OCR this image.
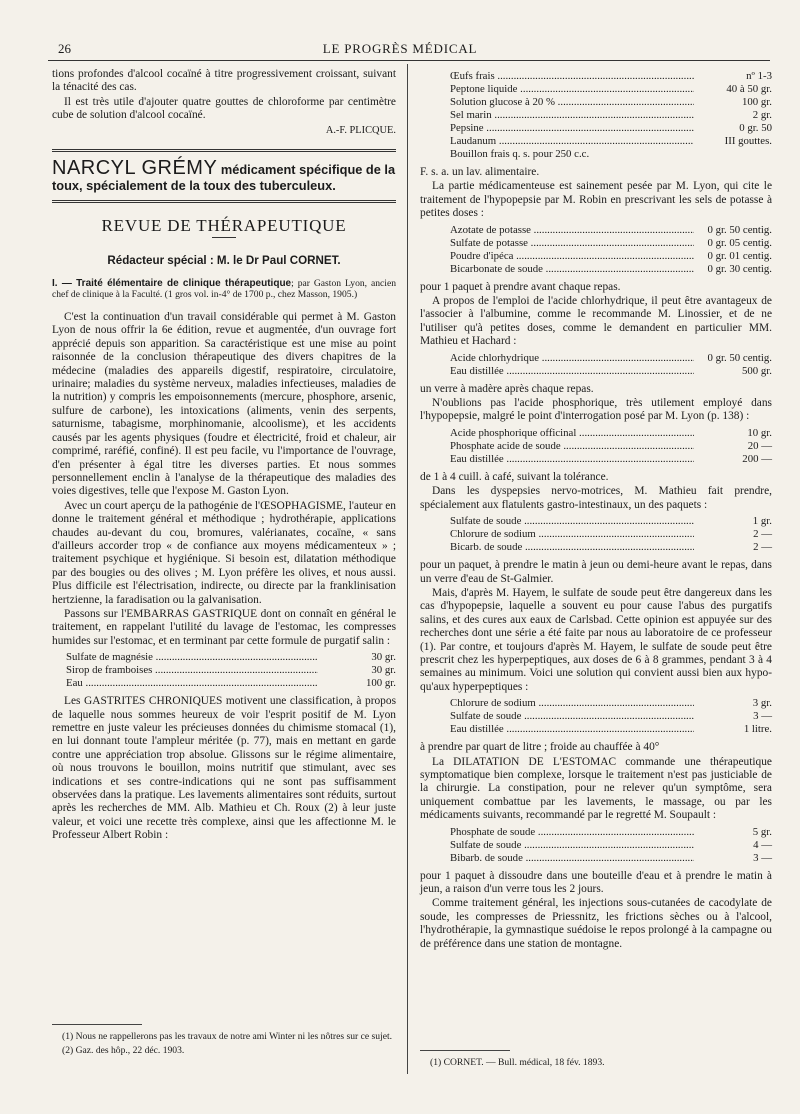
26	LE PROGRÈS MÉDICAL

tions profondes d'alcool cocaïné à titre progressivement croissant, suivant la ténacité des cas.

Il est très utile d'ajouter quatre gouttes de chloroforme par centimètre cube de solution d'alcool cocaïné.

A.-F. PLICQUE.
NARCYL GRÉMY médicament spécifique de la toux, spécialement de la toux des tuberculeux.
REVUE DE THÉRAPEUTIQUE
Rédacteur spécial : M. le Dr Paul CORNET.
I. — Traité élémentaire de clinique thérapeutique; par Gaston Lyon, ancien chef de clinique à la Faculté. (1 gros vol. in-4° de 1700 p., chez Masson, 1905.)

C'est la continuation d'un travail considérable qui permet à M. Gaston Lyon de nous offrir la 6e édition, revue et augmentée, d'un ouvrage fort apprécié depuis son apparition. Sa caractéristique est une mise au point raisonnée de la conclusion thérapeutique des divers chapitres de la médecine (maladies des appareils digestif, respiratoire, circulatoire, urinaire; maladies du système nerveux, maladies infectieuses, maladies de la nutrition) y compris les empoisonnements (mercure, phosphore, arsenic, sulfure de carbone), les intoxications (aliments, venin des serpents, saturnisme, tabagisme, morphinomanie, alcoolisme), et les accidents causés par les agents physiques (foudre et électricité, froid et chaleur, air comprimé, raréfié, confiné). Il est peu facile, vu l'importance de l'ouvrage, d'en présenter à égal titre les diverses parties. Et nous sommes personnellement enclin à l'analyse de la thérapeutique des maladies des voies digestives, telle que l'expose M. Gaston Lyon.

Avec un court aperçu de la pathogénie de l'ŒSOPHAGISME, l'auteur en donne le traitement général et méthodique ; hydrothérapie, applications chaudes au-devant du cou, bromures, valérianates, cocaïne, « sans d'ailleurs accorder trop « de confiance aux moyens médicamenteux » ; traitement psychique et hygiénique. Si besoin est, dilatation méthodique par des bougies ou des olives ; M. Lyon préfère les olives, et nous aussi. Plus difficile est l'électrisation, indirecte, ou directe par la franklinisation hertzienne, la faradisation ou la galvanisation.

Passons sur l'EMBARRAS GASTRIQUE dont on connaît en général le traitement, en rappelant l'utilité du lavage de l'estomac, les compresses humides sur l'estomac, et en terminant par cette formule de purgatif salin :

Sulfate de magnésie .....	30 gr.
Sirop de framboises .....	30 gr.
Eau .....	100 gr.

Les GASTRITES CHRONIQUES motivent une classification, à propos de laquelle nous sommes heureux de voir l'esprit positif de M. Lyon remettre en juste valeur les précieuses données du chimisme stomacal (1), en lui donnant toute l'ampleur méritée (p. 77), mais en mettant en garde contre une appréciation trop absolue. Glissons sur le régime alimentaire, où nous trouvons le bouillon, moins nutritif que stimulant, avec ses indications et ses contre-indications qui ne sont pas suffisamment observées dans la pratique. Les lavements alimentaires sont réduits, surtout après les recherches de MM. Alb. Mathieu et Ch. Roux (2) à leur juste valeur, et voici une recette très complexe, ainsi que les affectionne M. le Professeur Albert Robin :

(1) Nous ne rappellerons pas les travaux de notre ami Winter ni les nôtres sur ce sujet.

(2) Gaz. des hôp., 22 déc. 1903.

Œufs frais .....	nº 1-3
Peptone liquide .....	40 à 50 gr.
Solution glucose à 20 % .....	100 gr.
Sel marin .....	2 gr.
Pepsine .....	0 gr. 50
Laudanum .....	III gouttes.
Bouillon frais q. s. pour 250 c.c.

F. s. a. un lav. alimentaire.

La partie médicamenteuse est sainement pesée par M. Lyon, qui cite le traitement de l'hypopepsie par M. Robin en prescrivant les sels de potasse à petites doses :

Azotate de potasse .....	0 gr. 50 centig.
Sulfate de potasse .....	0 gr. 05 centig.
Poudre d'ipéca .....	0 gr. 01 centig.
Bicarbonate de soude .....	0 gr. 30 centig.

pour 1 paquet à prendre avant chaque repas.

A propos de l'emploi de l'acide chlorhydrique, il peut être avantageux de l'associer à l'albumine, comme le recommande M. Linossier, et de ne l'utiliser qu'à petites doses, comme le demandent en particulier MM. Mathieu et Hachard :

Acide chlorhydrique .....	0 gr. 50 centig.
Eau distillée .....	500 gr.

un verre à madère après chaque repas.

N'oublions pas l'acide phosphorique, très utilement employé dans l'hypopepsie, malgré le point d'interrogation posé par M. Lyon (p. 138) :

Acide phosphorique officinal .....	10 gr.
Phosphate acide de soude .....	20 —
Eau distillée .....	200 —

de 1 à 4 cuill. à café, suivant la tolérance.

Dans les dyspepsies nervo-motrices, M. Mathieu fait prendre, spécialement aux flatulents gastro-intestinaux, un des paquets :

Sulfate de soude .....	1 gr.
Chlorure de sodium .....	2 —
Bicarb. de soude .....	2 —

pour un paquet, à prendre le matin à jeun ou demi-heure avant le repas, dans un verre d'eau de St-Galmier.

Mais, d'après M. Hayem, le sulfate de soude peut être dangereux dans les cas d'hypopepsie, laquelle a souvent eu pour cause l'abus des purgatifs salins, et des cures aux eaux de Carlsbad. Cette opinion est appuyée sur des recherches dont une série a été faite par nous au laboratoire de ce professeur (1). Par contre, et toujours d'après M. Hayem, le sulfate de soude peut être prescrit chez les hyperpeptiques, aux doses de 6 à 8 grammes, pendant 3 à 4 semaines au minimum. Voici une solution qui convient aussi bien aux hypo- qu'aux hyperpeptiques :

Chlorure de sodium .....	3 gr.
Sulfate de soude .....	3 —
Eau distillée .....	1 litre.

à prendre par quart de litre ; froide au chauffée à 40°

La DILATATION DE L'ESTOMAC commande une thérapeutique symptomatique bien complexe, lorsque le traitement n'est pas justiciable de la chirurgie. La constipation, pour ne relever qu'un symptôme, sera uniquement combattue par les lavements, le massage, ou par les médicaments suivants, recommandé par le regretté M. Soupault :

Phosphate de soude .....	5 gr.
Sulfate de soude .....	4 —
Bibarb. de soude .....	3 —

pour 1 paquet à dissoudre dans une bouteille d'eau et à prendre le matin à jeun, a raison d'un verre tous les 2 jours.

Comme traitement général, les injections sous-cutanées de cacodylate de soude, les compresses de Priessnitz, les frictions sèches ou à l'alcool, l'hydrothérapie, la gymnastique suédoise le repos prolongé à la campagne ou de préférence dans une station de montagne.

(1) CORNET. — Bull. médical, 18 fév. 1893.
